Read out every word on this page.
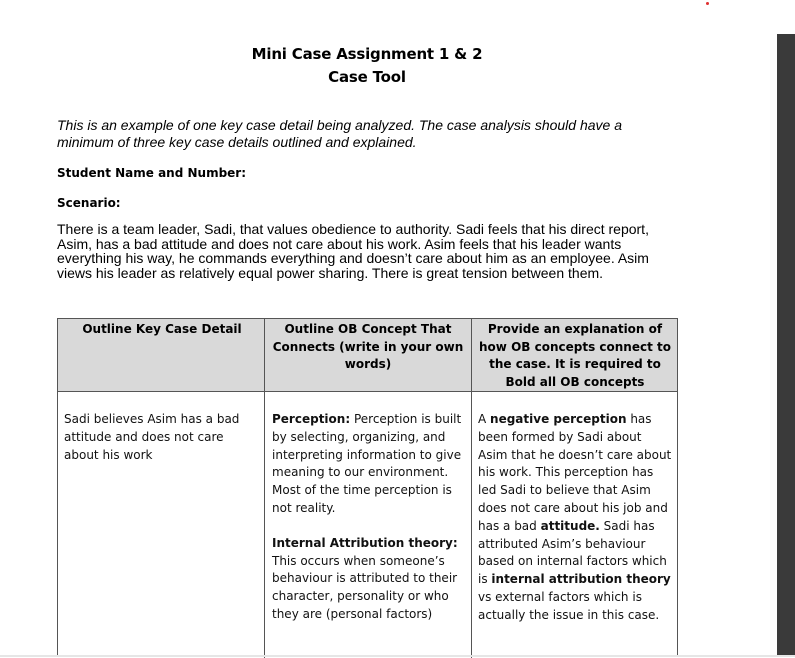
Mini Case Assignment 1 & 2
Case Tool
This is an example of one key case detail being analyzed. The case analysis should have a minimum of three key case details outlined and explained.
Student Name and Number:
Scenario:
There is a team leader, Sadi, that values obedience to authority. Sadi feels that his direct report, Asim, has a bad attitude and does not care about his work. Asim feels that his leader wants everything his way, he commands everything and doesn’t care about him as an employee. Asim views his leader as relatively equal power sharing. There is great tension between them.
Outline Key Case Detail	Outline OB Concept That Connects (write in your own words)
Provide an explanation of how OB concepts connect to the case. It is required to Bold all OB concepts
Sadi believes Asim has a bad attitude and does not care about his work

Perception: Perception is built by selecting, organizing, and interpreting information to give meaning to our environment. Most of the time perception is not reality.

Internal Attribution theory:

This occurs when someone’s behaviour is attributed to their character, personality or who they are (personal factors)

A negative perception has been formed by Sadi about Asim that he doesn’t care about his work. This perception has led Sadi to believe that Asim does not care about his job and has a bad attitude. Sadi has attributed Asim’s behaviour based on internal factors which is internal attribution theory vs external factors which is actually the issue in this case.
